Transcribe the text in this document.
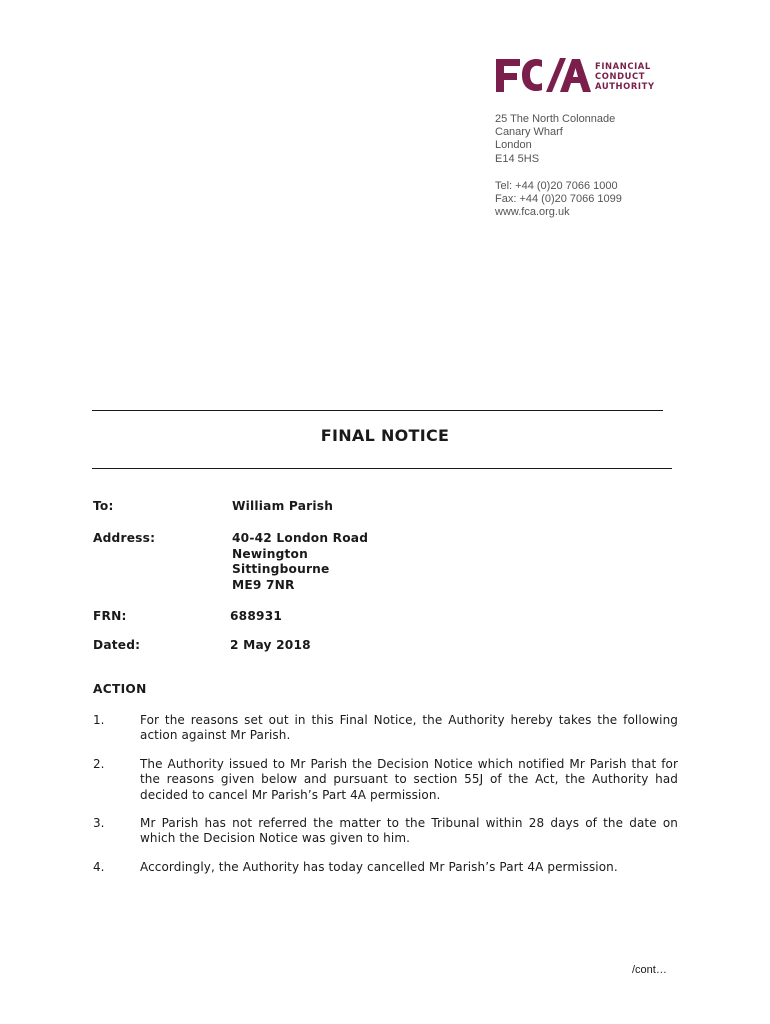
FINANCIAL
CONDUCT
AUTHORITY
25 The North Colonnade
Canary Wharf
London
E14 5HS
Tel: +44 (0)20 7066 1000
Fax: +44 (0)20 7066 1099
www.fca.org.uk
FINAL NOTICE
To:	William Parish
Address:	40-42 London Road
Newington
Sittingbourne
ME9 7NR
FRN:	688931
Dated:	2 May 2018
ACTION
1.	For the reasons set out in this Final Notice, the Authority hereby takes the following action against Mr Parish.
2.	The Authority issued to Mr Parish the Decision Notice which notified Mr Parish that for the reasons given below and pursuant to section 55J of the Act, the Authority had decided to cancel Mr Parish’s Part 4A permission.
3.	Mr Parish has not referred the matter to the Tribunal within 28 days of the date on which the Decision Notice was given to him.
4.	Accordingly, the Authority has today cancelled Mr Parish’s Part 4A permission.
/cont…
